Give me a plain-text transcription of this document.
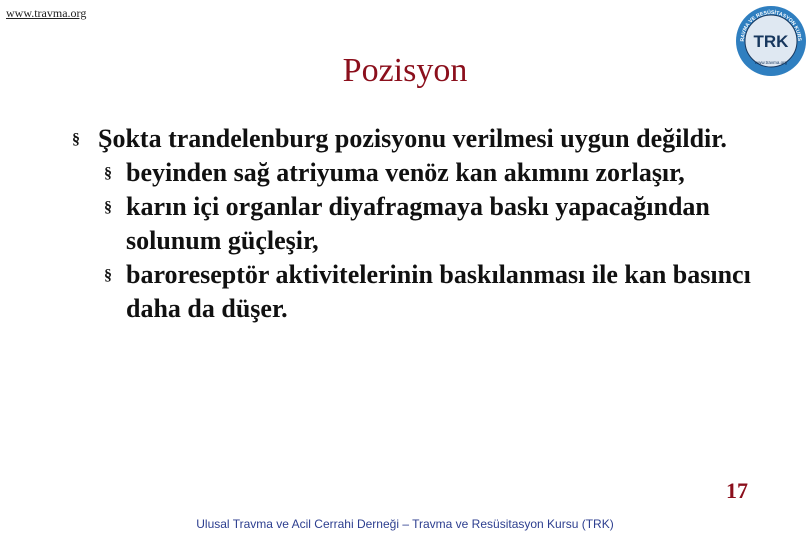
www.travma.org
RAVMA VE RESÜSİTASYON KURS
TRK
www.travma.org
Pozisyon
§ Şokta trandelenburg pozisyonu verilmesi uygun değildir.
§ beyinden sağ atriyuma venöz kan akımını zorlaşır,
§ karın içi organlar diyafragmaya baskı yapacağından solunum güçleşir,
§ baroreseptör aktivitelerinin baskılanması ile kan basıncı daha da düşer.
17
Ulusal Travma ve Acil Cerrahi Derneği – Travma ve Resüsitasyon Kursu (TRK)
